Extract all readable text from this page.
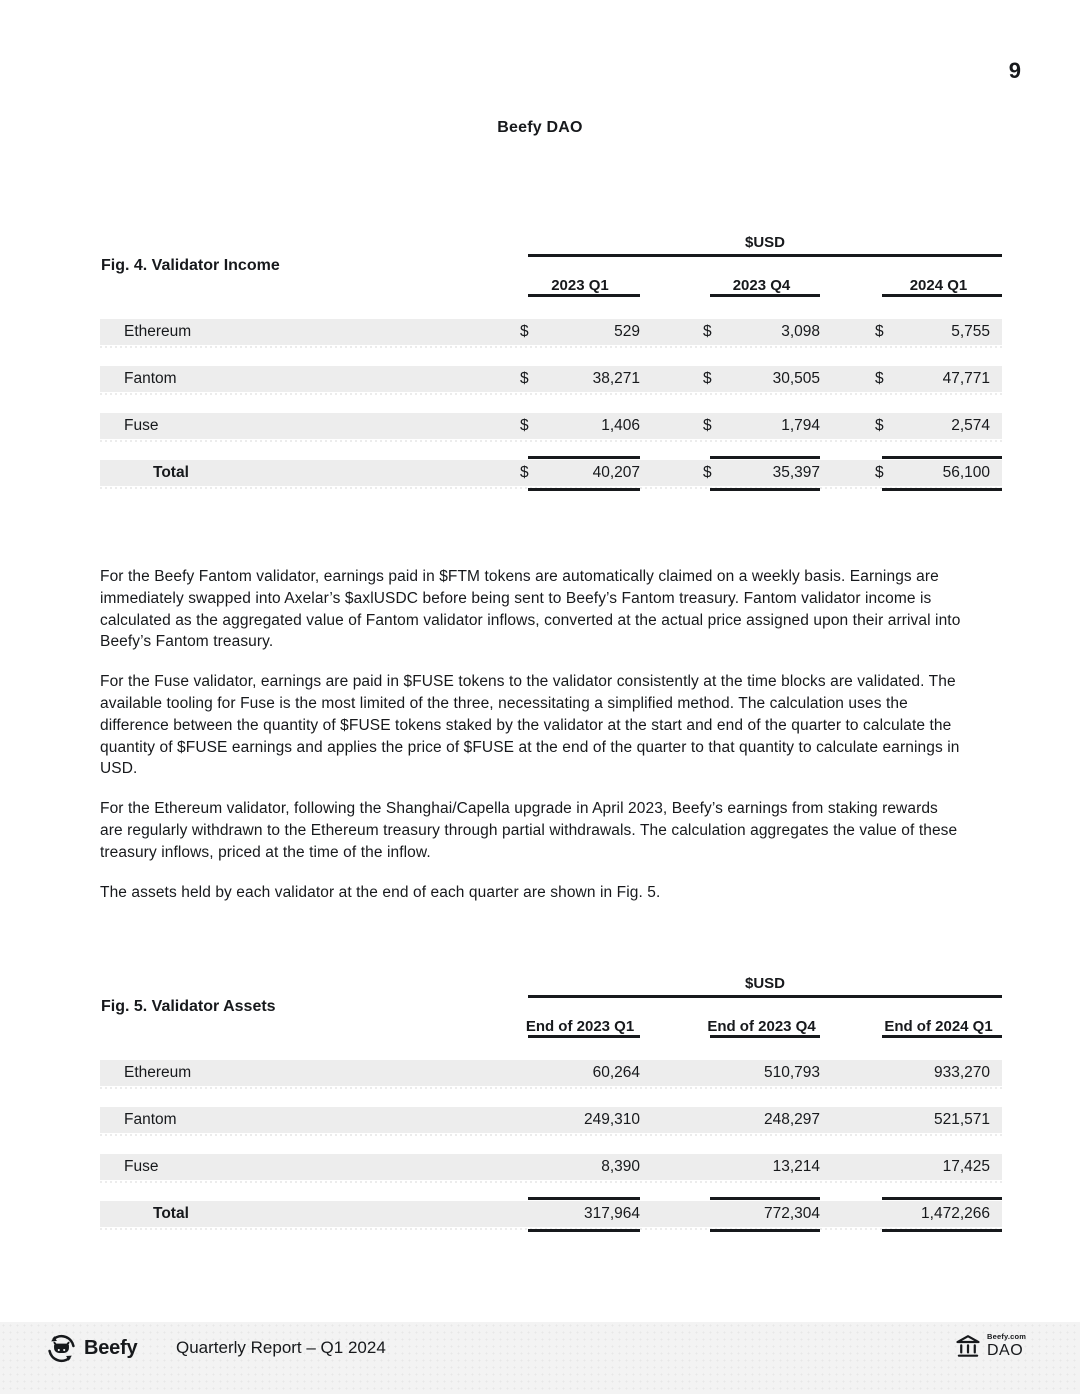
9
Beefy DAO
$USD
Fig. 4. Validator Income
2023 Q1	2023 Q4	2024 Q1
Ethereum	$	529	$	3,098	$	5,755
Fantom	$	38,271	$	30,505	$	47,771
Fuse	$	1,406	$	1,794	$	2,574
Total	$	40,207	$	35,397	$	56,100

For the Beefy Fantom validator, earnings paid in $FTM tokens are automatically claimed on a weekly basis. Earnings are immediately swapped into Axelar’s $axlUSDC before being sent to Beefy’s Fantom treasury. Fantom validator income is calculated as the aggregated value of Fantom validator inflows, converted at the actual price assigned upon their arrival into Beefy’s Fantom treasury.

For the Fuse validator, earnings are paid in $FUSE tokens to the validator consistently at the time blocks are validated. The available tooling for Fuse is the most limited of the three, necessitating a simplified method. The calculation uses the difference between the quantity of $FUSE tokens staked by the validator at the start and end of the quarter to calculate the quantity of $FUSE earnings and applies the price of $FUSE at the end of the quarter to that quantity to calculate earnings in USD.

For the Ethereum validator, following the Shanghai/Capella upgrade in April 2023, Beefy’s earnings from staking rewards are regularly withdrawn to the Ethereum treasury through partial withdrawals. The calculation aggregates the value of these treasury inflows, priced at the time of the inflow.

The assets held by each validator at the end of each quarter are shown in Fig. 5.

$USD
Fig. 5. Validator Assets
End of 2023 Q1	End of 2023 Q4	End of 2024 Q1
Ethereum	60,264	510,793	933,270
Fantom	249,310	248,297	521,571
Fuse	8,390	13,214	17,425
Total	317,964	772,304	1,472,266
Beefy Quarterly Report – Q1 2024
Beefy.com
DAO
